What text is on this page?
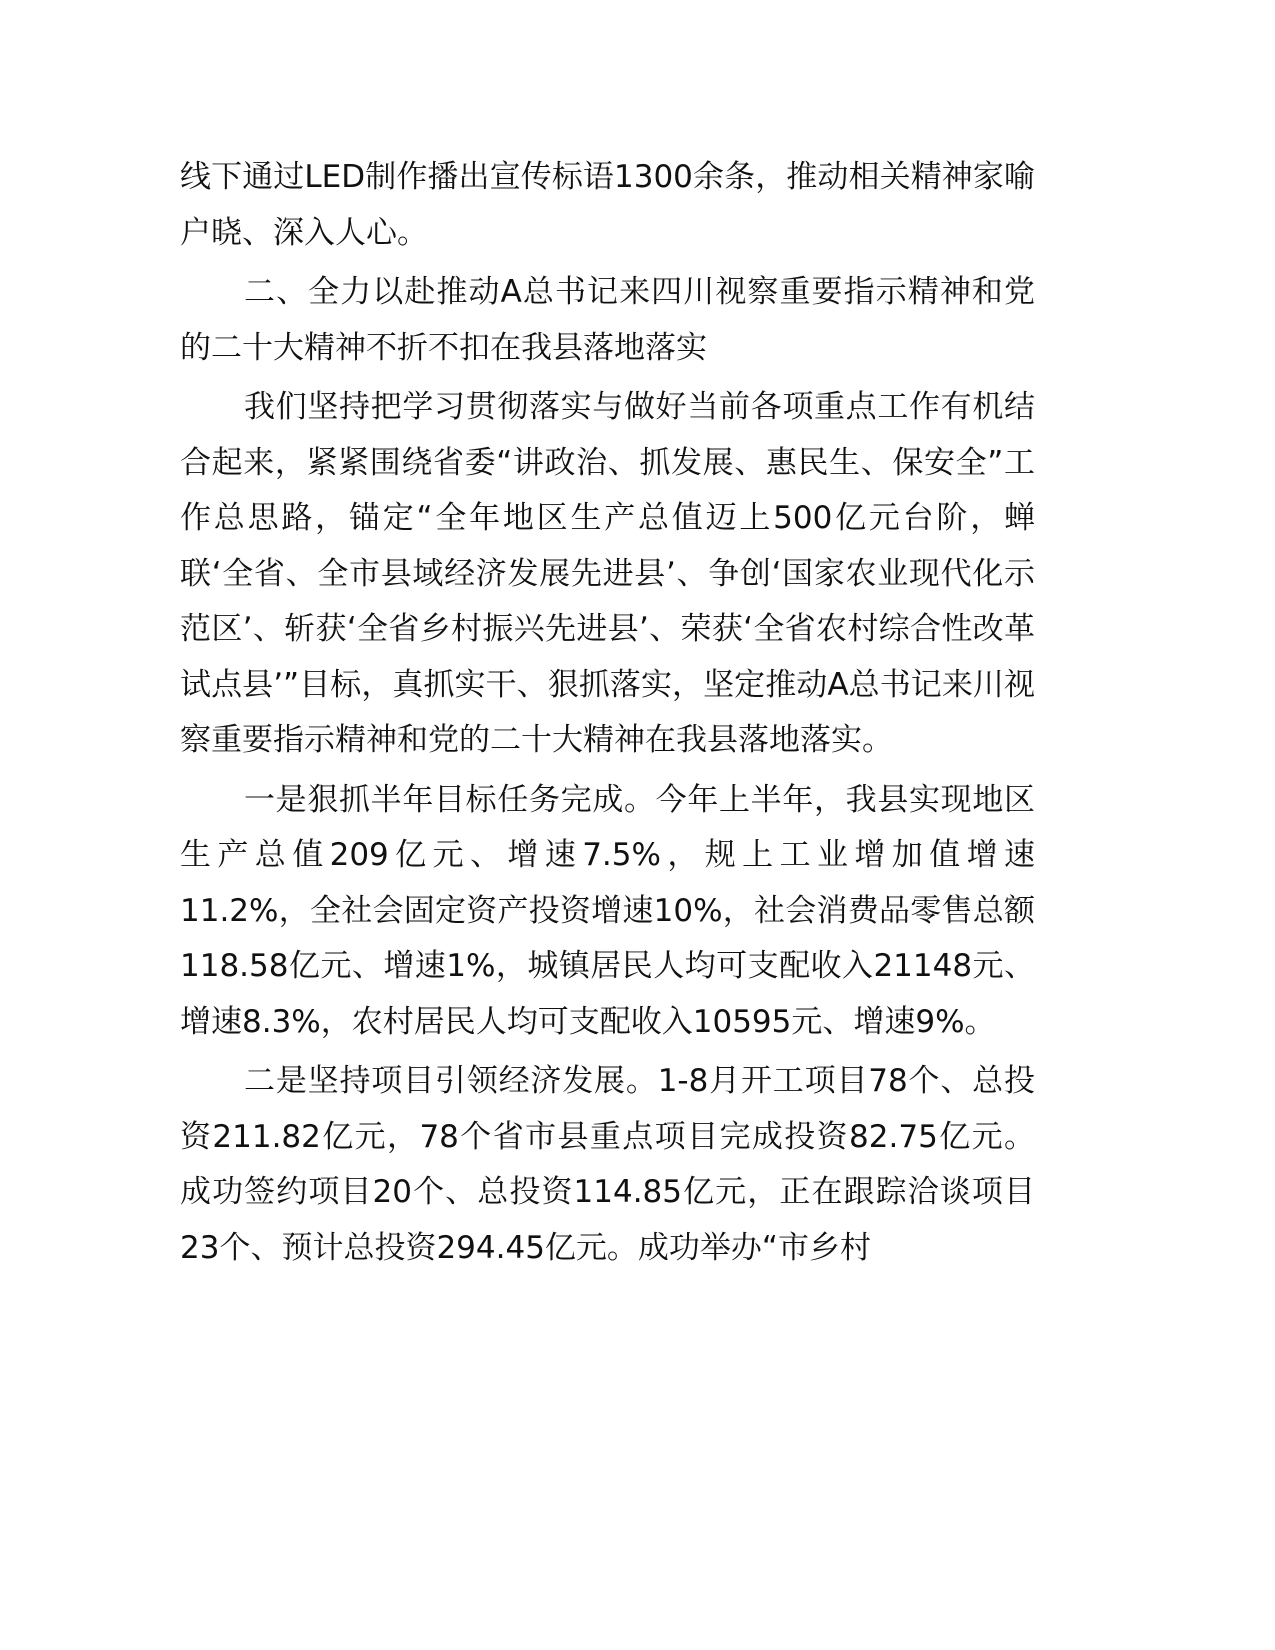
线下通过LED制作播出宣传标语1300余条，推动相关精神家喻户晓、深入人心。

二、全力以赴推动A总书记来四川视察重要指示精神和党的二十大精神不折不扣在我县落地落实

我们坚持把学习贯彻落实与做好当前各项重点工作有机结合起来，紧紧围绕省委“讲政治、抓发展、惠民生、保安全”工作总思路，锚定“全年地区生产总值迈上500亿元台阶，蝉联‘全省、全市县域经济发展先进县’、争创‘国家农业现代化示范区’、斩获‘全省乡村振兴先进县’、荣获‘全省农村综合性改革试点县’”目标，真抓实干、狠抓落实，坚定推动A总书记来川视察重要指示精神和党的二十大精神在我县落地落实。

一是狠抓半年目标任务完成。今年上半年，我县实现地区生产总值209亿元、增速7.5%，规上工业增加值增速11.2%，全社会固定资产投资增速10%，社会消费品零售总额118.58亿元、增速1%，城镇居民人均可支配收入21148元、增速8.3%，农村居民人均可支配收入10595元、增速9%。

二是坚持项目引领经济发展。1-8月开工项目78个、总投资211.82亿元，78个省市县重点项目完成投资82.75亿元。成功签约项目20个、总投资114.85亿元，正在跟踪洽谈项目23个、预计总投资294.45亿元。成功举办“市乡村
